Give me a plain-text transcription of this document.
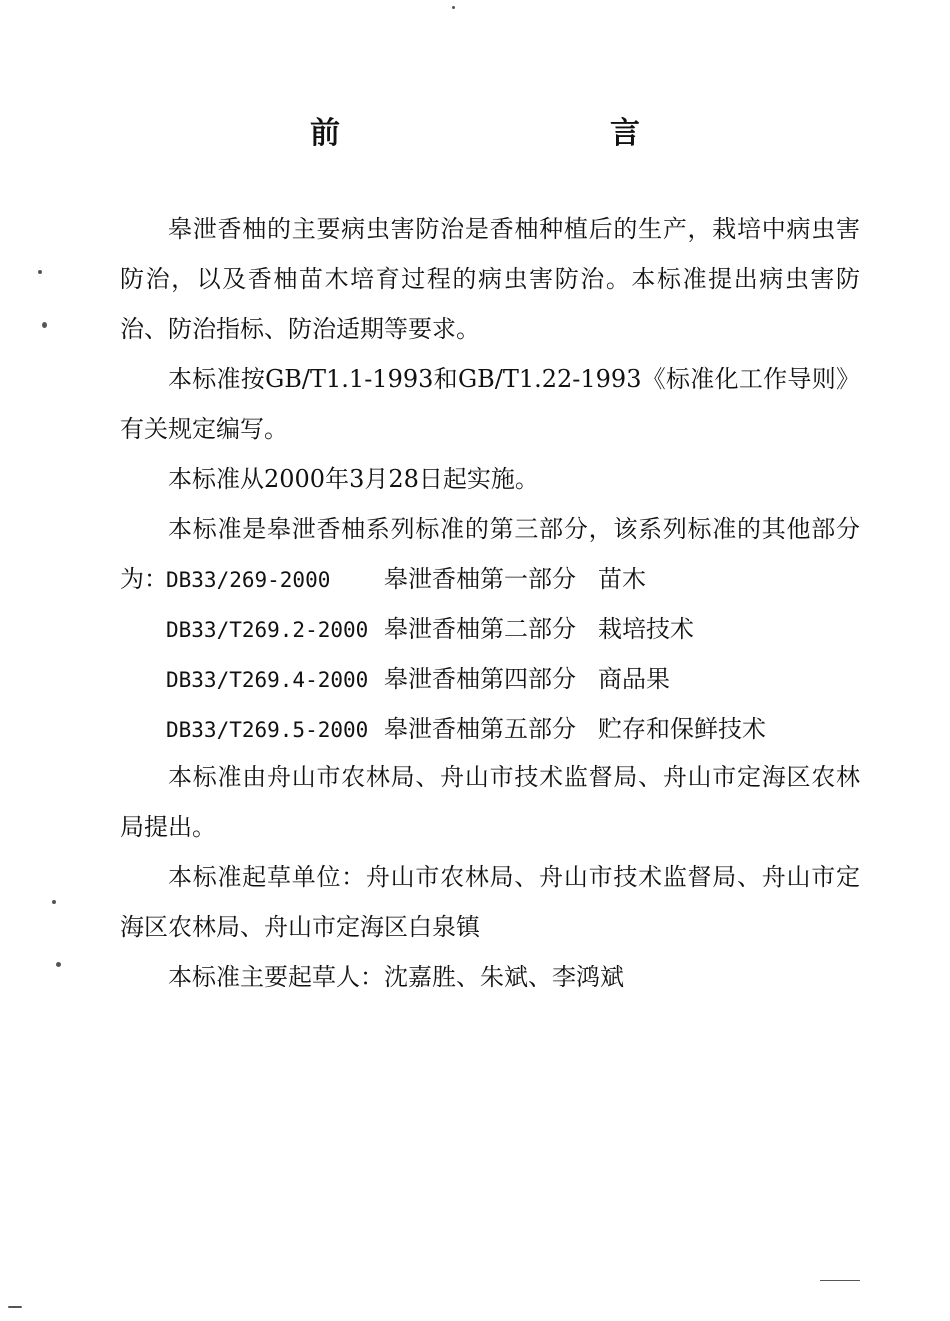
前　言

皋泄香柚的主要病虫害防治是香柚种植后的生产，栽培中病虫害防治，以及香柚苗木培育过程的病虫害防治。本标准提出病虫害防治、防治指标、防治适期等要求。

本标准按GB/T1.1-1993和GB/T1.22-1993《标准化工作导则》有关规定编写。

本标准从2000年3月28日起实施。

本标准是皋泄香柚系列标准的第三部分，该系列标准的其他部分为：

DB33/269-2000 皋泄香柚第一部分 苗木
DB33/T269.2-2000 皋泄香柚第二部分 栽培技术
DB33/T269.4-2000 皋泄香柚第四部分 商品果
DB33/T269.5-2000 皋泄香柚第五部分 贮存和保鲜技术

本标准由舟山市农林局、舟山市技术监督局、舟山市定海区农林局提出。

本标准起草单位：舟山市农林局、舟山市技术监督局、舟山市定海区农林局、舟山市定海区白泉镇

本标准主要起草人：沈嘉胜、朱斌、李鸿斌
